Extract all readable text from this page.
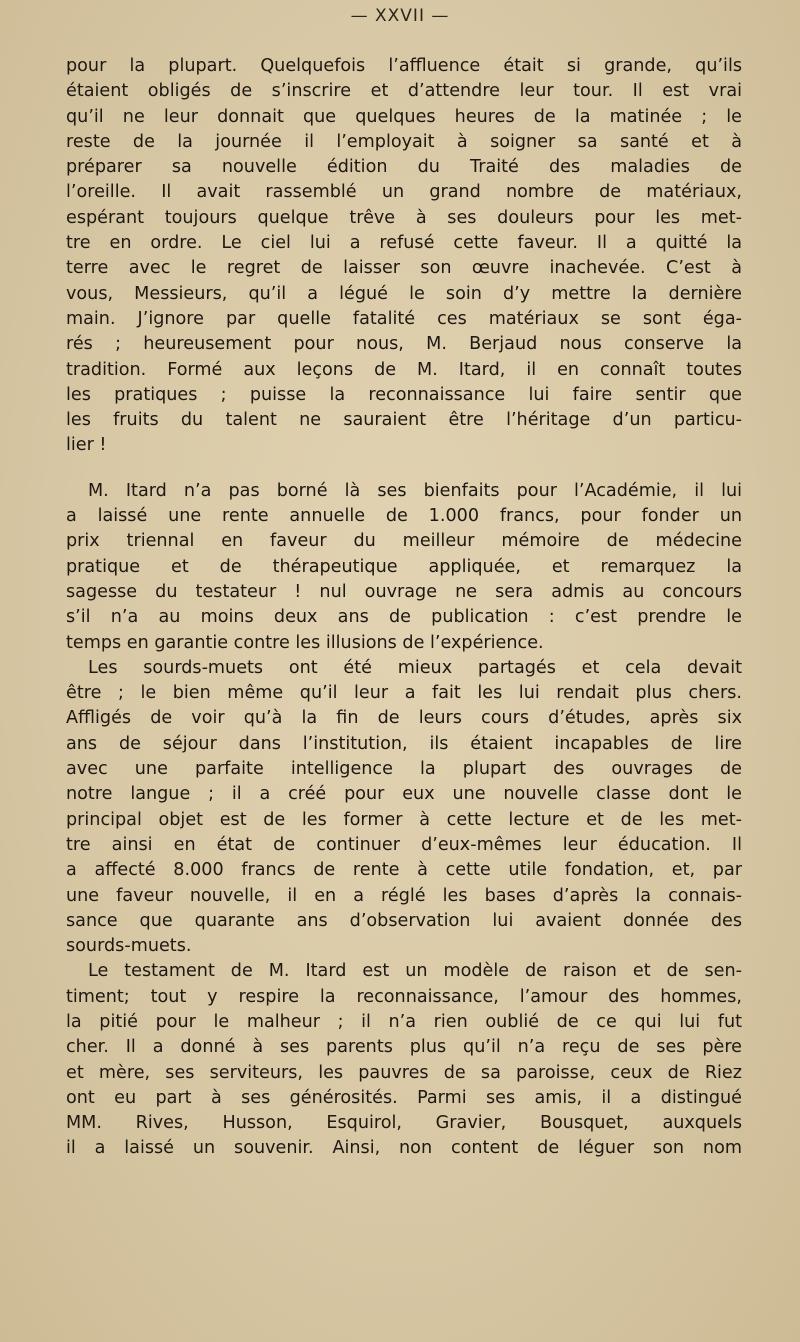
— XXVII —
pour la plupart. Quelquefois l’affluence était si grande, qu’ils
étaient obligés de s’inscrire et d’attendre leur tour. Il est vrai
qu’il ne leur donnait que quelques heures de la matinée ; le
reste de la journée il l’employait à soigner sa santé et à
préparer sa nouvelle édition du Traité des maladies de
l’oreille. Il avait rassemblé un grand nombre de matériaux,
espérant toujours quelque trêve à ses douleurs pour les met-
tre en ordre. Le ciel lui a refusé cette faveur. Il a quitté la
terre avec le regret de laisser son œuvre inachevée. C’est à
vous, Messieurs, qu’il a légué le soin d’y mettre la dernière
main. J’ignore par quelle fatalité ces matériaux se sont éga-
rés ; heureusement pour nous, M. Berjaud nous conserve la
tradition. Formé aux leçons de M. Itard, il en connaît toutes
les pratiques ; puisse la reconnaissance lui faire sentir que
les fruits du talent ne sauraient être l’héritage d’un particu-
lier !
M. Itard n’a pas borné là ses bienfaits pour l’Académie, il lui
a laissé une rente annuelle de 1.000 francs, pour fonder un
prix triennal en faveur du meilleur mémoire de médecine
pratique et de thérapeutique appliquée, et remarquez la
sagesse du testateur ! nul ouvrage ne sera admis au concours
s’il n’a au moins deux ans de publication : c’est prendre le
temps en garantie contre les illusions de l’expérience.
Les sourds-muets ont été mieux partagés et cela devait
être ; le bien même qu’il leur a fait les lui rendait plus chers.
Affligés de voir qu’à la fin de leurs cours d’études, après six
ans de séjour dans l’institution, ils étaient incapables de lire
avec une parfaite intelligence la plupart des ouvrages de
notre langue ; il a créé pour eux une nouvelle classe dont le
principal objet est de les former à cette lecture et de les met-
tre ainsi en état de continuer d’eux-mêmes leur éducation. Il
a affecté 8.000 francs de rente à cette utile fondation, et, par
une faveur nouvelle, il en a réglé les bases d’après la connais-
sance que quarante ans d’observation lui avaient donnée des
sourds-muets.
Le testament de M. Itard est un modèle de raison et de sen-
timent; tout y respire la reconnaissance, l’amour des hommes,
la pitié pour le malheur ; il n’a rien oublié de ce qui lui fut
cher. Il a donné à ses parents plus qu’il n’a reçu de ses père
et mère, ses serviteurs, les pauvres de sa paroisse, ceux de Riez
ont eu part à ses générosités. Parmi ses amis, il a distingué
MM. Rives, Husson, Esquirol, Gravier, Bousquet, auxquels
il a laissé un souvenir. Ainsi, non content de léguer son nom
